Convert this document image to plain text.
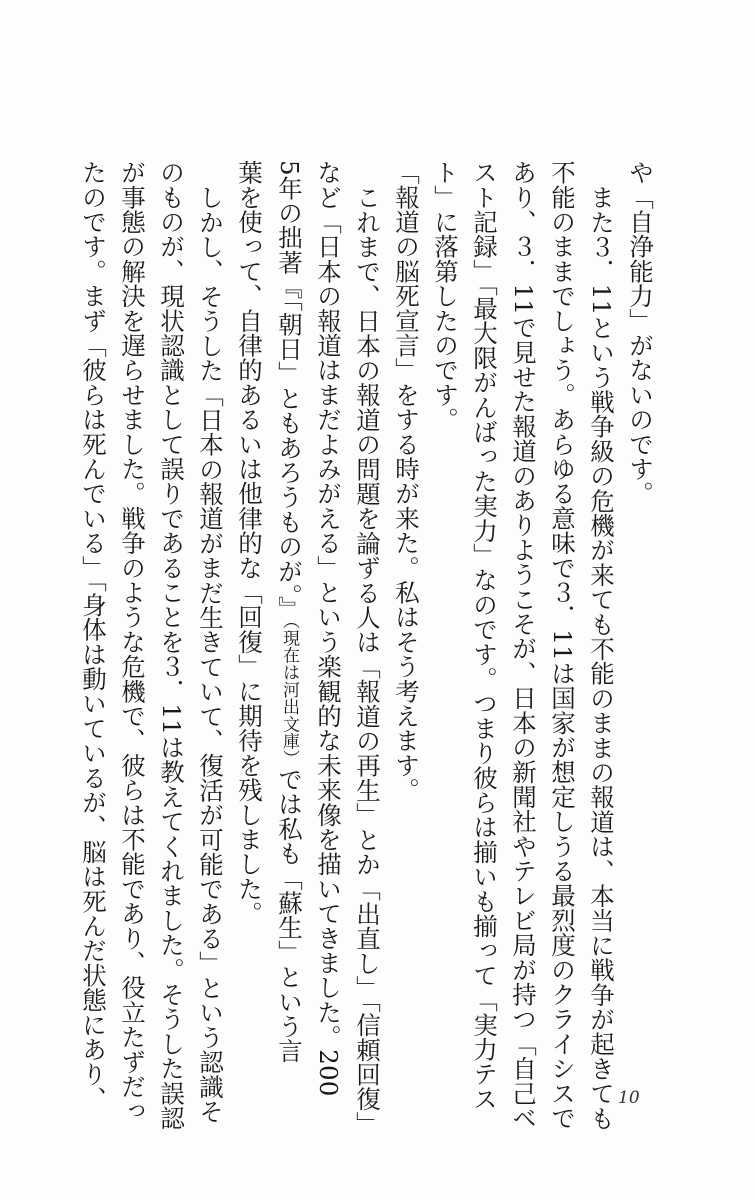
や「自浄能力」がないのです。
また３．11という戦争級の危機が来ても不能のままの報道は、本当に戦争が起きても
不能のままでしょう。あらゆる意味で３．11は国家が想定しうる最烈度のクライシスで
あり、３．11で見せた報道のありようこそが、日本の新聞社やテレビ局が持つ「自己ベ
スト記録」「最大限がんばった実力」なのです。つまり彼らは揃いも揃って「実力テス
ト」に落第したのです。
「報道の脳死宣言」をする時が来た。私はそう考えます。
これまで、日本の報道の問題を論ずる人は「報道の再生」とか「出直し」「信頼回復」
など「日本の報道はまだよみがえる」という楽観的な未来像を描いてきました。200
5年の拙著『「朝日」ともあろうものが。』（現在は河出文庫）では私も「蘇生」という言
葉を使って、自律的あるいは他律的な「回復」に期待を残しました。
しかし、そうした「日本の報道がまだ生きていて、復活が可能である」という認識そ
のものが、現状認識として誤りであることを３．11は教えてくれました。そうした誤認
が事態の解決を遅らせました。戦争のような危機で、彼らは不能であり、役立たずだっ
たのです。まず「彼らは死んでいる」「身体は動いているが、脳は死んだ状態にあり、	10
